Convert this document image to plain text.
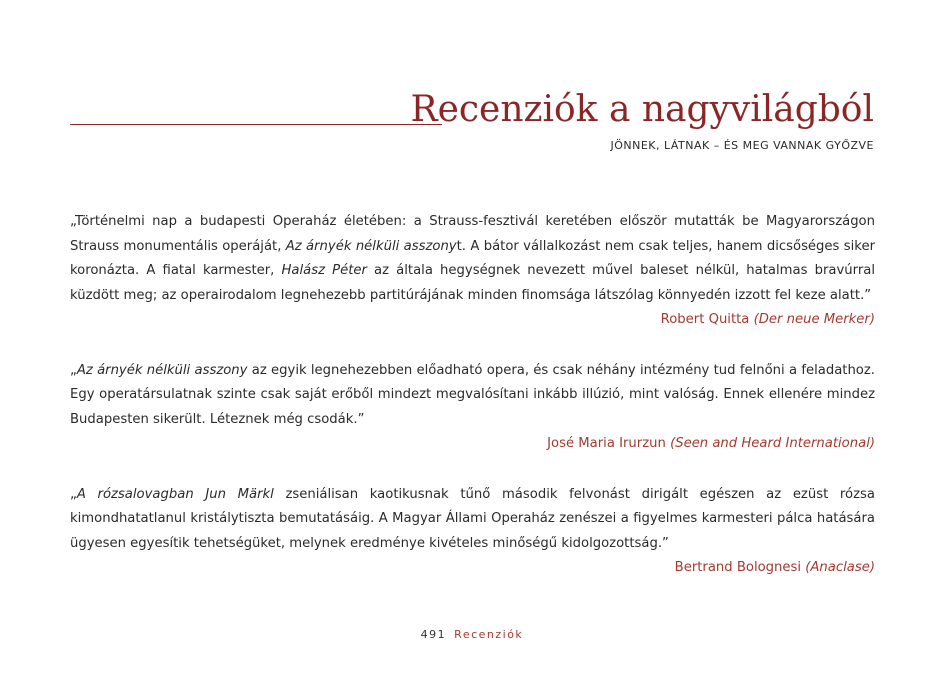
Recenziók a nagyvilágból
JÖNNEK, LÁTNAK – ÉS MEG VANNAK GYŐZVE

„Történelmi nap a budapesti Operaház életében: a Strauss-fesztivál keretében először mutatták be Magyarországon Strauss monumentális operáját, Az árnyék nélküli asszonyt. A bátor vállalkozást nem csak teljes, hanem dicsőséges siker koronázta. A fiatal karmester, Halász Péter az általa hegységnek nevezett művel baleset nélkül, hatalmas bravúrral küzdött meg; az operairodalom legnehezebb partitúrájának minden finomsága látszólag könnyedén izzott fel keze alatt.”

Robert Quitta (Der neue Merker)

„Az árnyék nélküli asszony az egyik legnehezebben előadható opera, és csak néhány intézmény tud felnőni a feladathoz. Egy operatársulatnak szinte csak saját erőből mindezt megvalósítani inkább illúzió, mint valóság. Ennek ellenére mindez Budapesten sikerült. Léteznek még csodák.”

José Maria Irurzun (Seen and Heard International)

„A rózsalovagban Jun Märkl zseniálisan kaotikusnak tűnő második felvonást dirigált egészen az ezüst rózsa kimondhatatlanul kristálytiszta bemutatásáig. A Magyar Állami Operaház zenészei a figyelmes karmesteri pálca hatására ügyesen egyesítik tehetségüket, melynek eredménye kivételes minőségű kidolgozottság.”

Bertrand Bolognesi (Anaclase)

491 Recenziók
